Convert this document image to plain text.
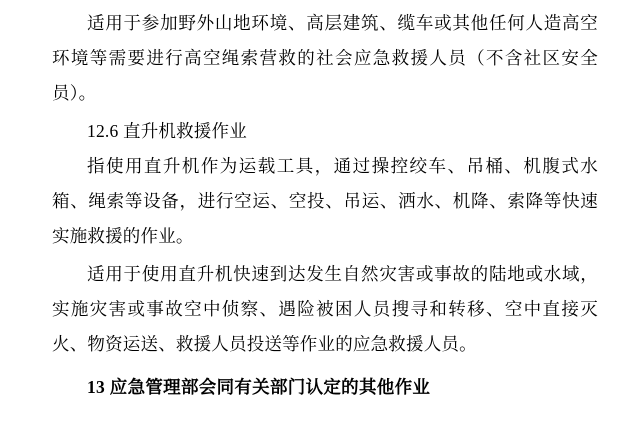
适用于参加野外山地环境、高层建筑、缆车或其他任何人造高空环境等需要进行高空绳索营救的社会应急救援人员（不含社区安全员）。

12.6 直升机救援作业

指使用直升机作为运载工具，通过操控绞车、吊桶、机腹式水箱、绳索等设备，进行空运、空投、吊运、洒水、机降、索降等快速实施救援的作业。

适用于使用直升机快速到达发生自然灾害或事故的陆地或水域，实施灾害或事故空中侦察、遇险被困人员搜寻和转移、空中直接灭火、物资运送、救援人员投送等作业的应急救援人员。

13 应急管理部会同有关部门认定的其他作业
